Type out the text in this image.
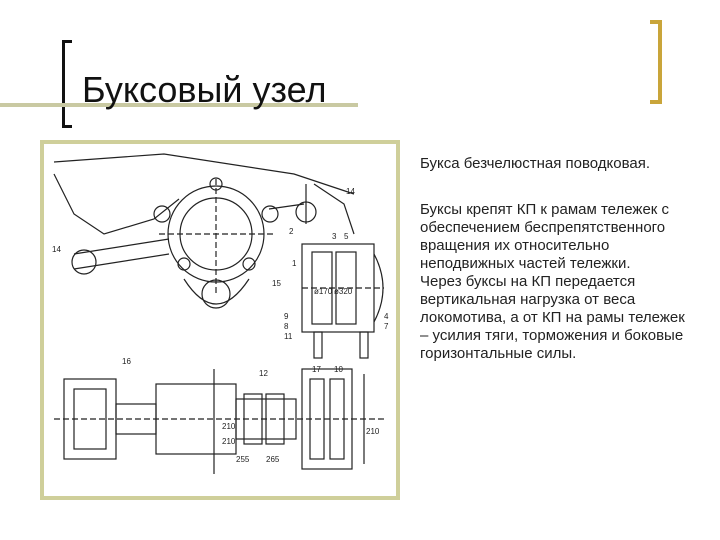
Буксовый узел
14
16
15
12	17
9
5
3
4
2
1
7
8
10
11
14
210
210
255
210
ø320
ø170
265

Букса безчелюстная поводковая.

Буксы крепят КП к рамам тележек с обеспечением беспрепятственного вращения их относительно неподвижных частей тележки.

Через буксы на КП передается вертикальная нагрузка от веса локомотива, а от КП на рамы тележек – усилия тяги, торможения и боковые горизонтальные силы.
